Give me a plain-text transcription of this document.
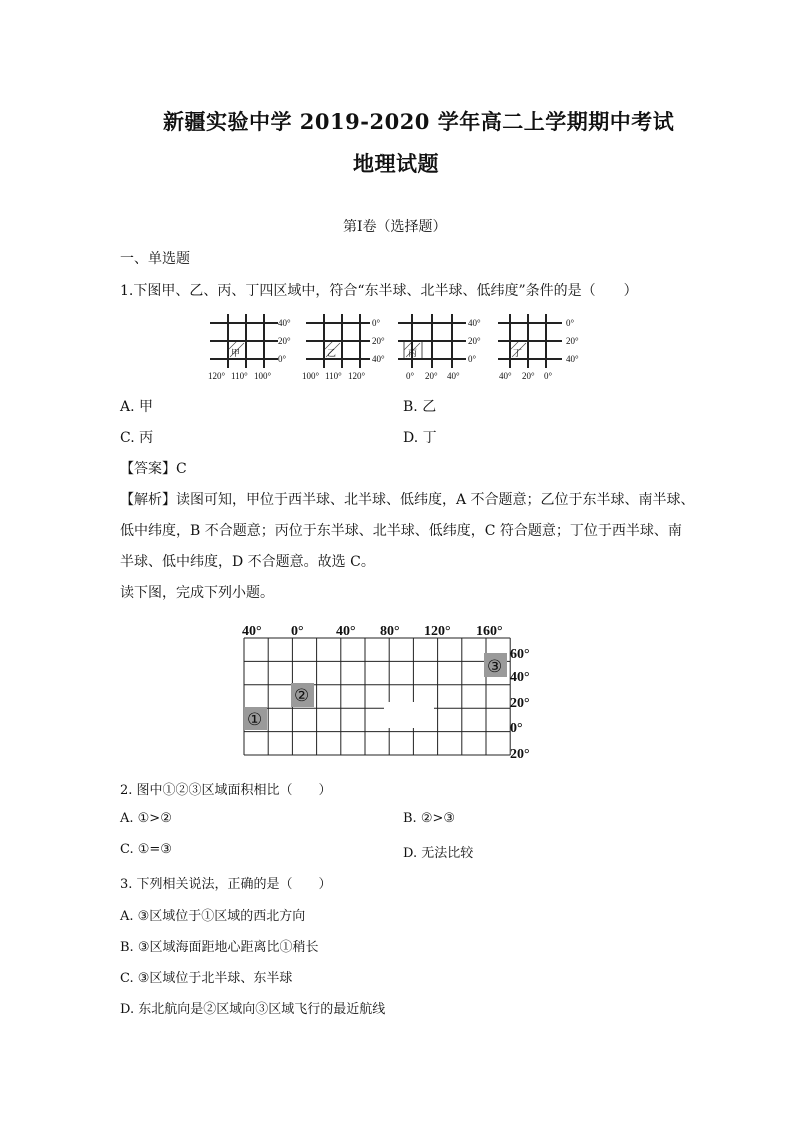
新疆实验中学 2019-2020 学年高二上学期期中考试
地理试题
第Ⅰ卷（选择题）
一、单选题
1.下图甲、乙、丙、丁四区域中，符合“东半球、北半球、低纬度”条件的是（　　）
甲
40°
20°
0°
120° 110° 100°
乙
0°
20°
40°
100° 110° 120°
丙
40°
20°
0°
0° 20° 40°
丁
0°
20°
40°
40° 20° 0°
A. 甲	B. 乙
C. 丙	D. 丁
【答案】C
【解析】读图可知，甲位于西半球、北半球、低纬度，A 不合题意；乙位于东半球、南半球、
低中纬度，B 不合题意；丙位于东半球、北半球、低纬度，C 符合题意；丁位于西半球、南
半球、低中纬度，D 不合题意。故选 C。
读下图，完成下列小题。
①
②
③
40° 0° 40° 80° 120° 160°
60°
40°
20°
0°
20°
2. 图中①②③区域面积相比（　　）
A. ①>②	B. ②>③
C. ①=③	D. 无法比较
3. 下列相关说法，正确的是（　　）
A. ③区域位于①区域的西北方向
B. ③区域海面距地心距离比①稍长
C. ③区域位于北半球、东半球
D. 东北航向是②区域向③区域飞行的最近航线
